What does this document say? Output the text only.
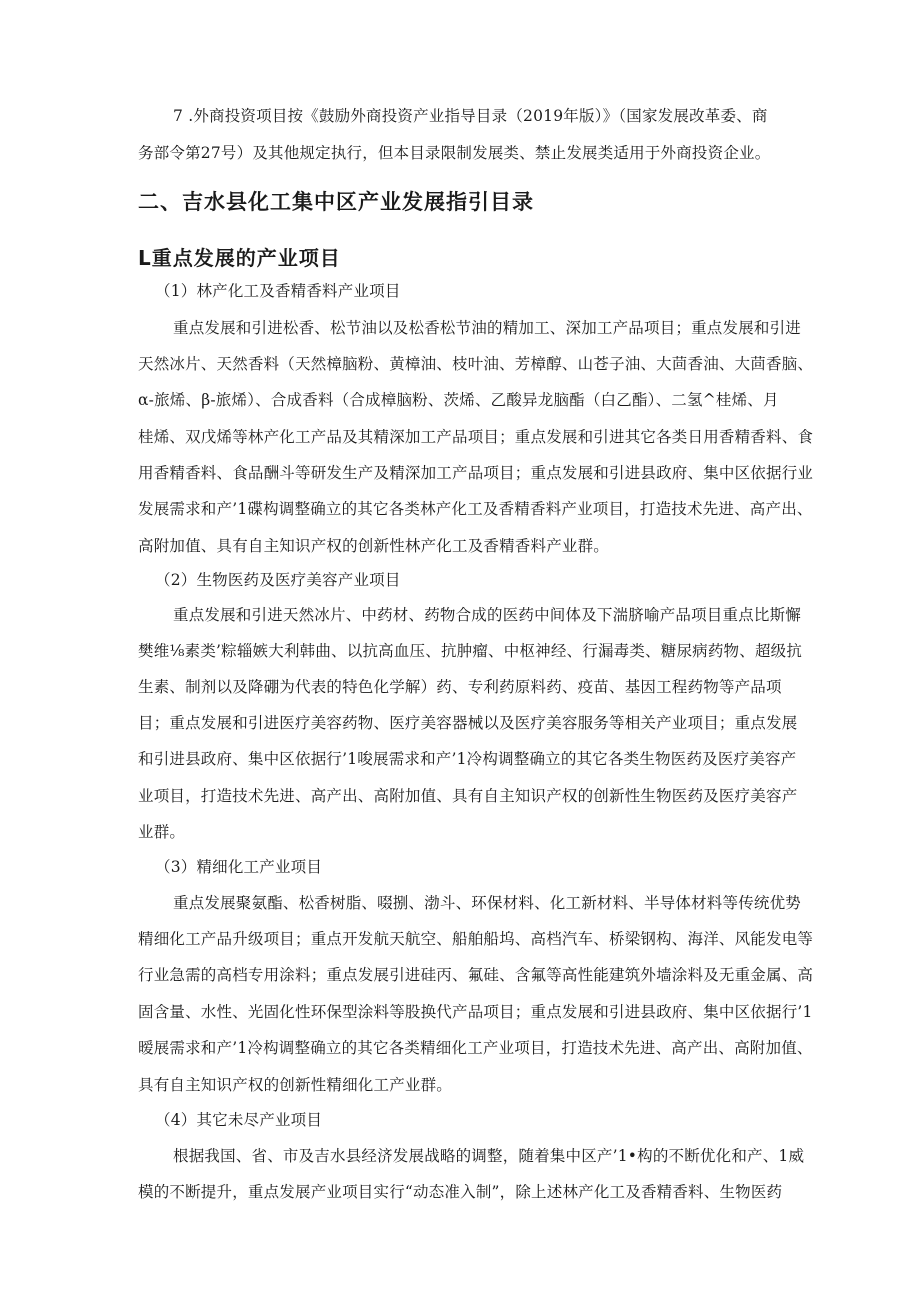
7 .外商投资项目按《鼓励外商投资产业指导目录（2019年版）》（国家发展改革委、商
务部令第27号）及其他规定执行，但本目录限制发展类、禁止发展类适用于外商投资企业。
二、吉水县化工集中区产业发展指引目录
L重点发展的产业项目
（1）林产化工及香精香料产业项目
重点发展和引进松香、松节油以及松香松节油的精加工、深加工产品项目；重点发展和引进
天然冰片、天然香料（天然樟脑粉、黄樟油、枝叶油、芳樟醇、山苍子油、大茴香油、大茴香脑、
α-旅烯、β-旅烯）、合成香料（合成樟脑粉、茨烯、乙酸异龙脑酯（白乙酯）、二氢^桂烯、月
桂烯、双戊烯等林产化工产品及其精深加工产品项目；重点发展和引进其它各类日用香精香料、食
用香精香料、食品酬斗等研发生产及精深加工产品项目；重点发展和引进县政府、集中区依据行业
发展需求和产’1碟构调整确立的其它各类林产化工及香精香料产业项目，打造技术先进、高产出、
高附加值、具有自主知识产权的创新性林产化工及香精香料产业群。
（2）生物医药及医疗美容产业项目
重点发展和引进天然冰片、中药材、药物合成的医药中间体及下湍脐喻产品项目重点比斯懈
樊维⅛素类’粽辎嫉大利韩曲、以抗高血压、抗肿瘤、中枢神经、行漏毒类、糖尿病药物、超级抗
生素、制剂以及降硼为代表的特色化学解）药、专利药原料药、疫苗、基因工程药物等产品项
目；重点发展和引进医疗美容药物、医疗美容器械以及医疗美容服务等相关产业项目；重点发展
和引进县政府、集中区依据行’1唆展需求和产’1冷构调整确立的其它各类生物医药及医疗美容产
业项目，打造技术先进、高产出、高附加值、具有自主知识产权的创新性生物医药及医疗美容产
业群。
（3）精细化工产业项目
重点发展聚氨酯、松香树脂、啜捌、渤斗、环保材料、化工新材料、半导体材料等传统优势
精细化工产品升级项目；重点开发航天航空、船舶船坞、高档汽车、桥梁钢构、海洋、风能发电等
行业急需的高档专用涂料；重点发展引进硅丙、氟硅、含氟等高性能建筑外墙涂料及无重金属、高
固含量、水性、光固化性环保型涂料等股换代产品项目；重点发展和引进县政府、集中区依据行’1
暧展需求和产’1冷构调整确立的其它各类精细化工产业项目，打造技术先进、高产出、高附加值、
具有自主知识产权的创新性精细化工产业群。
（4）其它未尽产业项目
根据我国、省、市及吉水县经济发展战略的调整，随着集中区产’1•构的不断优化和产、1威
模的不断提升，重点发展产业项目实行“动态准入制”，除上述林产化工及香精香料、生物医药
